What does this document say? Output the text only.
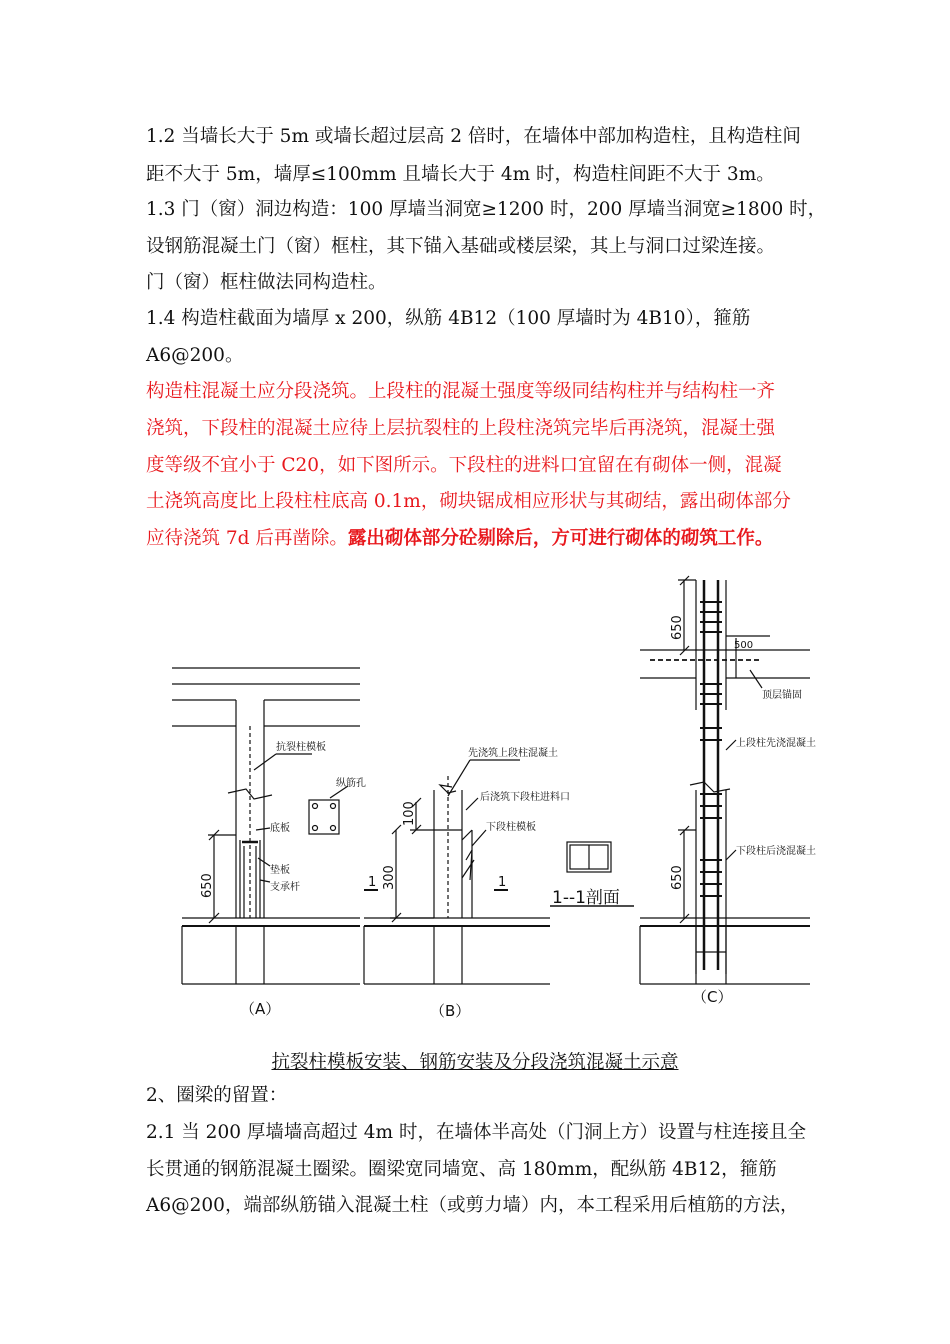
1.2 当墙长大于 5m 或墙长超过层高 2 倍时，在墙体中部加构造柱，且构造柱间
距不大于 5m，墙厚≤100mm 且墙长大于 4m 时，构造柱间距不大于 3m。
1.3 门（窗）洞边构造：100 厚墙当洞宽≥1200 时，200 厚墙当洞宽≥1800 时，
设钢筋混凝土门（窗）框柱，其下锚入基础或楼层梁，其上与洞口过梁连接。
门（窗）框柱做法同构造柱。
1.4 构造柱截面为墙厚 x 200，纵筋 4B12（100 厚墙时为 4B10），箍筋
A6@200。
构造柱混凝土应分段浇筑。上段柱的混凝土强度等级同结构柱并与结构柱一齐
浇筑，下段柱的混凝土应待上层抗裂柱的上段柱浇筑完毕后再浇筑，混凝土强
度等级不宜小于 C20，如下图所示。下段柱的进料口宜留在有砌体一侧，混凝
土浇筑高度比上段柱柱底高 0.1m，砌块锯成相应形状与其砌结，露出砌体部分
应待浇筑 7d 后再凿除。露出砌体部分砼剔除后，方可进行砌体的砌筑工作。
抗裂柱模板
纵筋孔
底板
垫板
支承杆
先浇筑上段柱混凝土
后浇筑下段柱进料口
下段柱模板
顶层锚固
上段柱先浇混凝土
下段柱后浇混凝土
500
650
100
300
650
650
1	1
1--1剖面
（A）	（B）
（C）
抗裂柱模板安装、钢筋安装及分段浇筑混凝土示意
2、圈梁的留置：
2.1 当 200 厚墙墙高超过 4m 时，在墙体半高处（门洞上方）设置与柱连接且全
长贯通的钢筋混凝土圈梁。圈梁宽同墙宽、高 180mm，配纵筋 4B12，箍筋
A6@200，端部纵筋锚入混凝土柱（或剪力墙）内，本工程采用后植筋的方法，
